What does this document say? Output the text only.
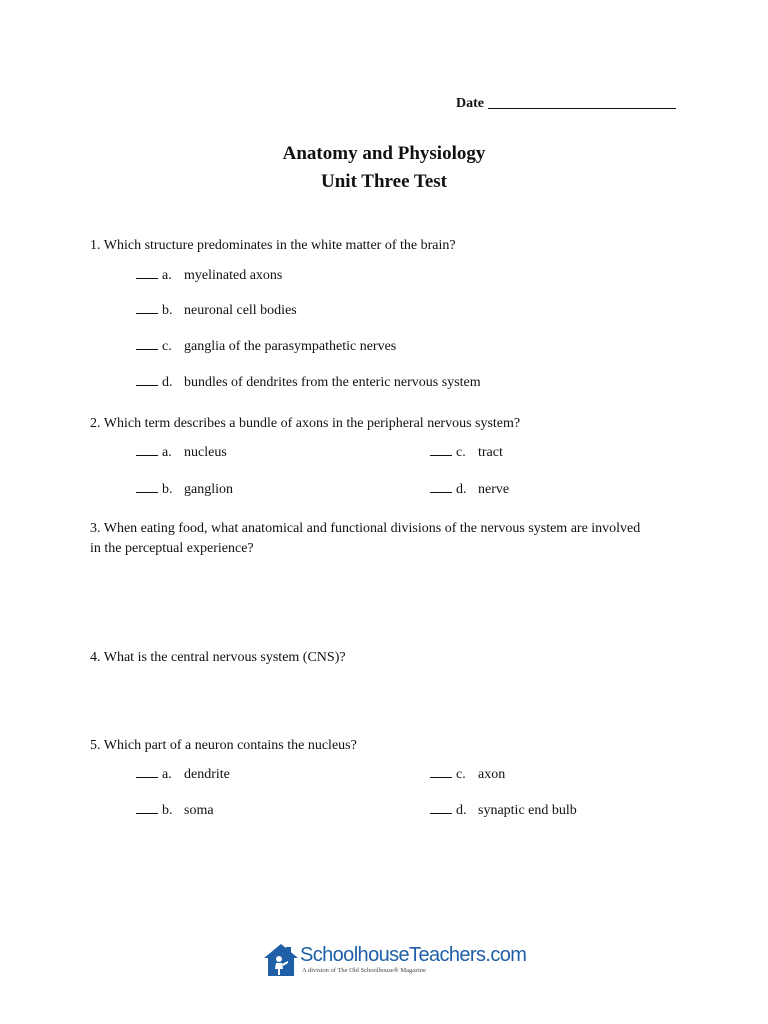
Date
Anatomy and Physiology
Unit Three Test
1. Which structure predominates in the white matter of the brain?
a. myelinated axons
b. neuronal cell bodies
c. ganglia of the parasympathetic nerves
d. bundles of dendrites from the enteric nervous system
2. Which term describes a bundle of axons in the peripheral nervous system?
a. nucleus
b. ganglion
c. tract
d. nerve
3. When eating food, what anatomical and functional divisions of the nervous system are involved in the perceptual experience?
4. What is the central nervous system (CNS)?
5. Which part of a neuron contains the nucleus?
a. dendrite
b. soma
c. axon
d. synaptic end bulb
SchoolhouseTeachers.com
A division of The Old Schoolhouse® Magazine
